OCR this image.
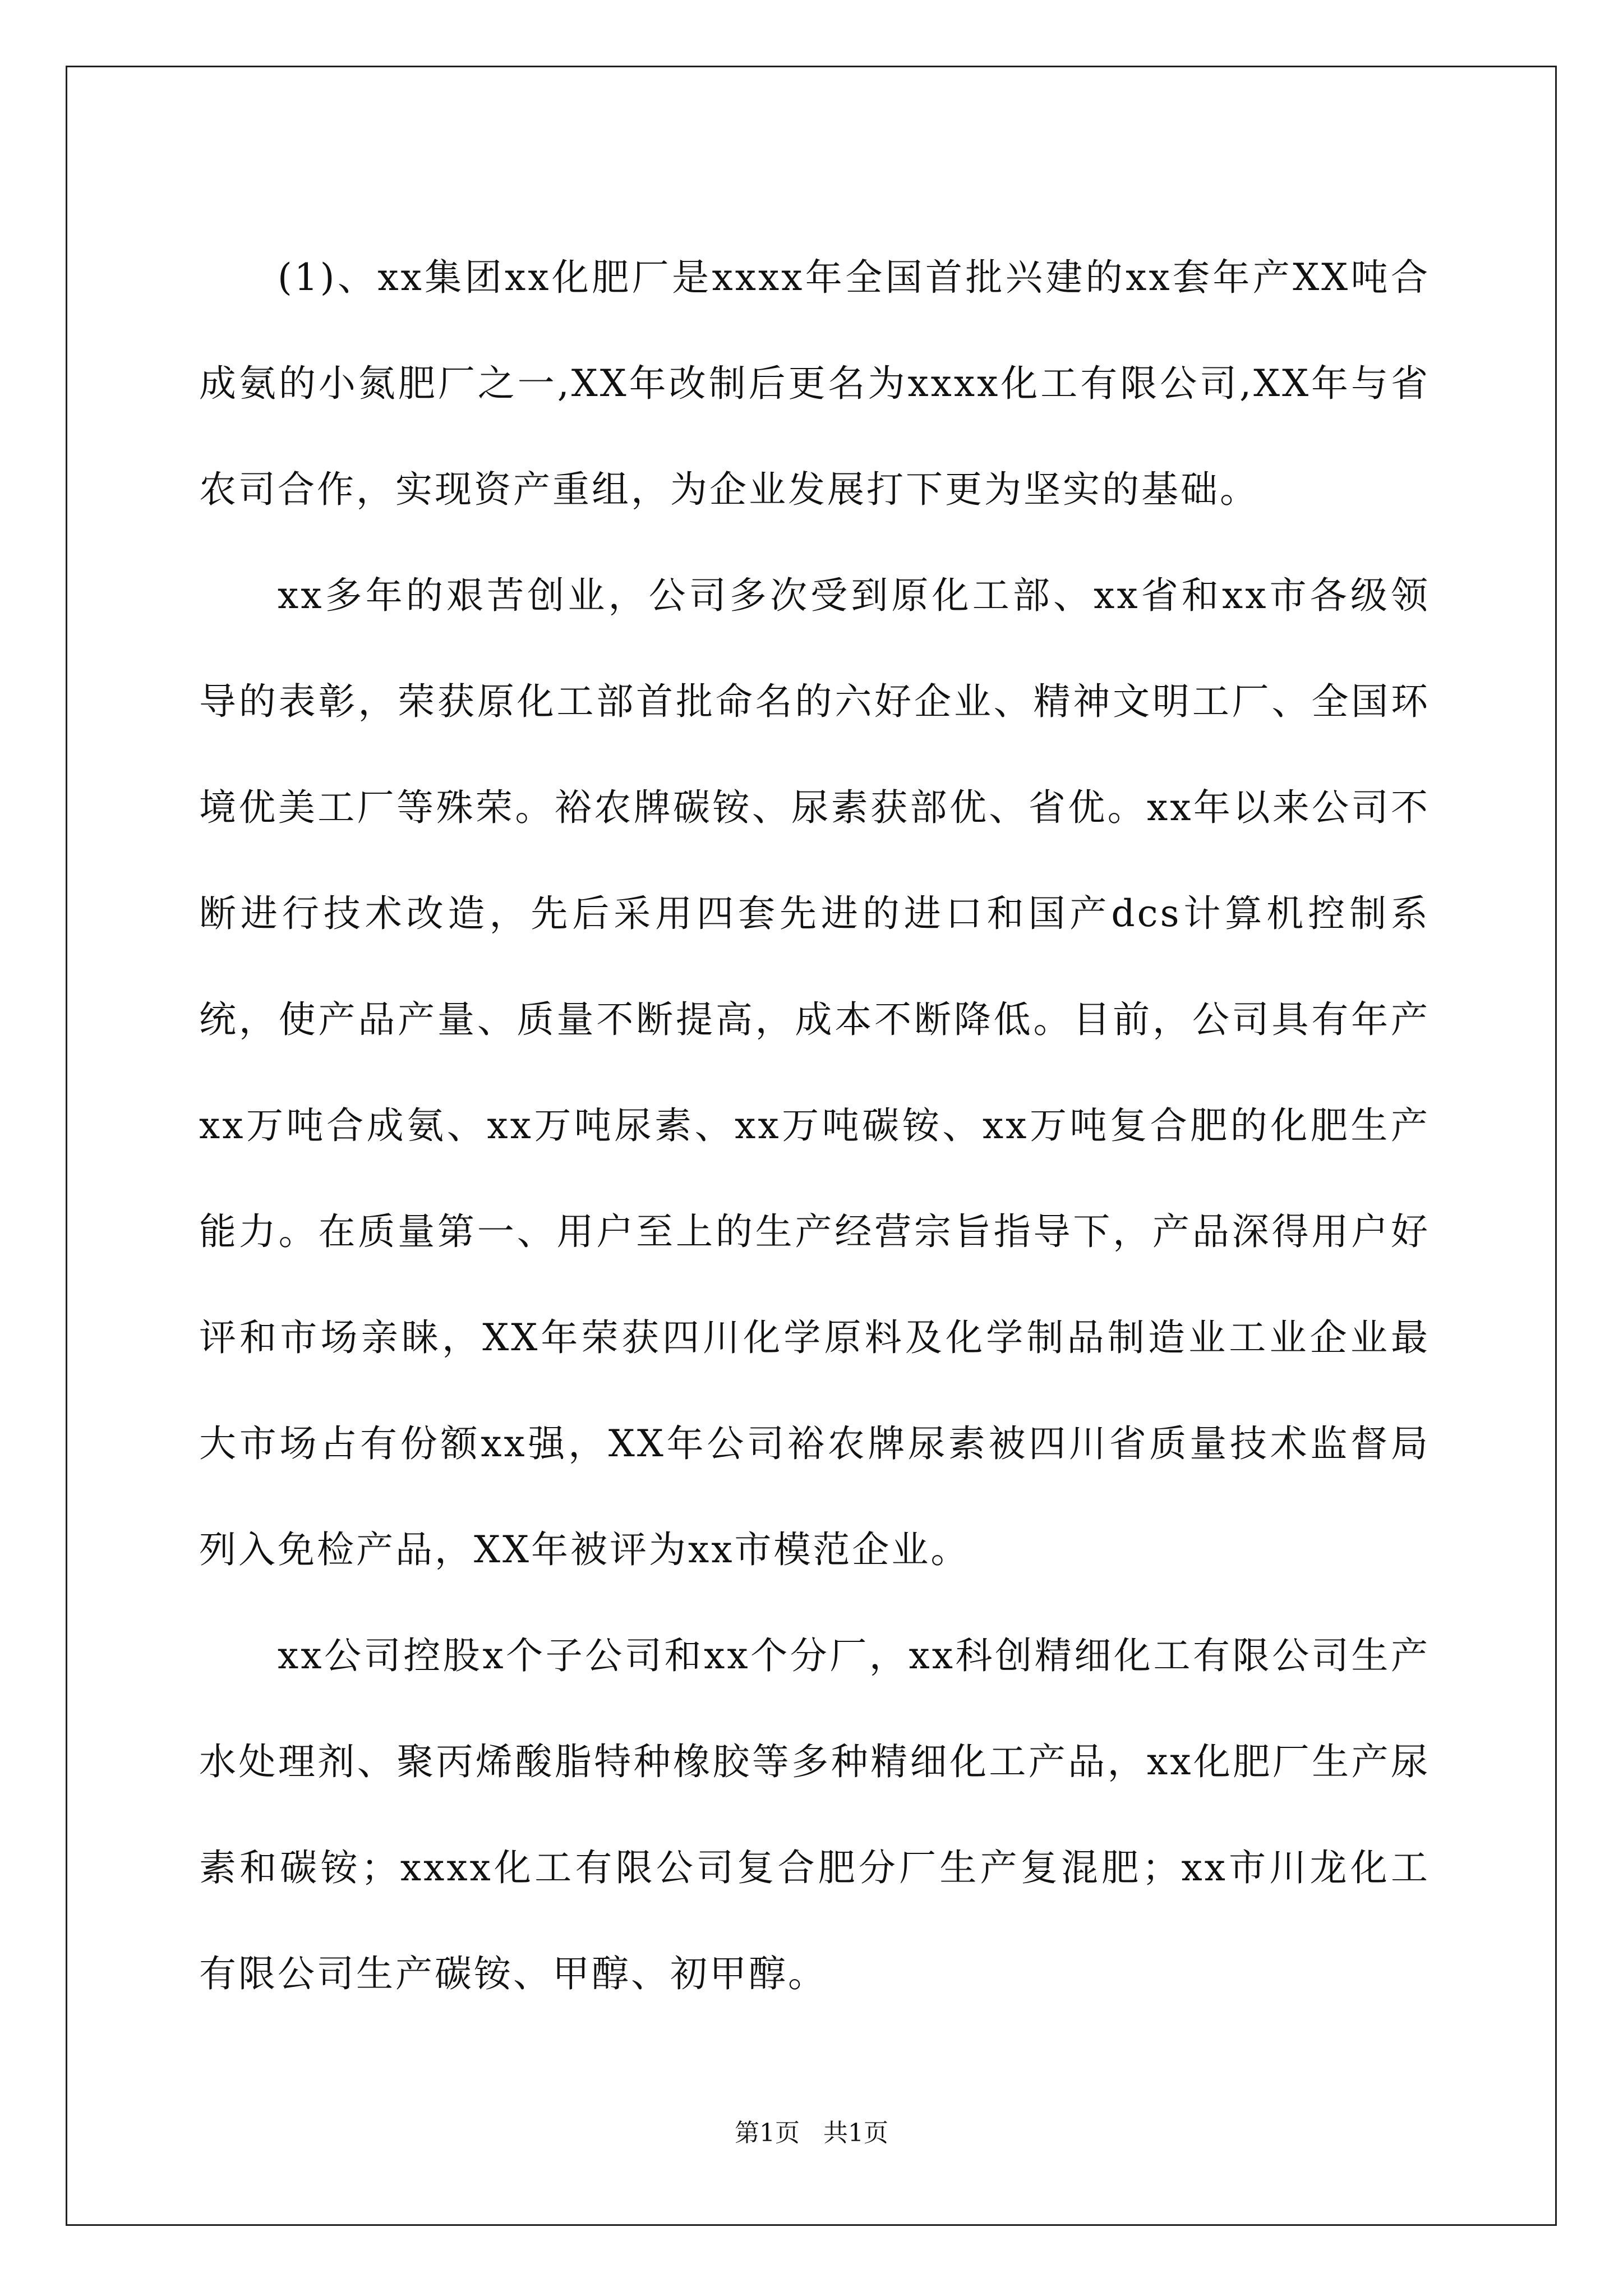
(1)、xx集团xx化肥厂是xxxx年全国首批兴建的xx套年产XX吨合成氨的小氮肥厂之一,XX年改制后更名为xxxx化工有限公司,XX年与省农司合作，实现资产重组，为企业发展打下更为坚实的基础。

xx多年的艰苦创业，公司多次受到原化工部、xx省和xx市各级领导的表彰，荣获原化工部首批命名的六好企业、精神文明工厂、全国环境优美工厂等殊荣。裕农牌碳铵、尿素获部优、省优。xx年以来公司不断进行技术改造，先后采用四套先进的进口和国产dcs计算机控制系统，使产品产量、质量不断提高，成本不断降低。目前，公司具有年产xx万吨合成氨、xx万吨尿素、xx万吨碳铵、xx万吨复合肥的化肥生产能力。在质量第一、用户至上的生产经营宗旨指导下，产品深得用户好评和市场亲睐，XX年荣获四川化学原料及化学制品制造业工业企业最大市场占有份额xx强，XX年公司裕农牌尿素被四川省质量技术监督局列入免检产品，XX年被评为xx市模范企业。

xx公司控股x个子公司和xx个分厂，xx科创精细化工有限公司生产水处理剂、聚丙烯酸脂特种橡胶等多种精细化工产品，xx化肥厂生产尿素和碳铵；xxxx化工有限公司复合肥分厂生产复混肥；xx市川龙化工有限公司生产碳铵、甲醇、初甲醇。

第1页   共1页
